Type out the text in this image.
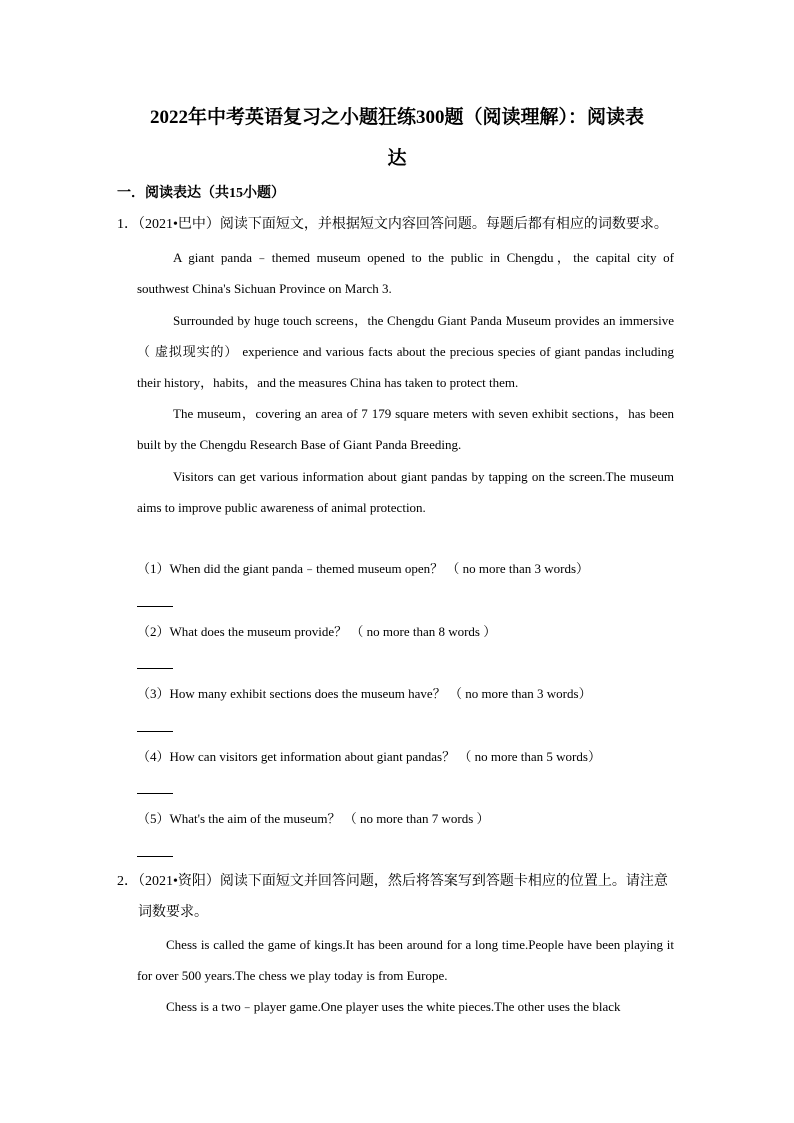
2022年中考英语复习之小题狂练300题（阅读理解）：阅读表
达
一．阅读表达（共15小题）
1．（2021•巴中）阅读下面短文，并根据短文内容回答问题。每题后都有相应的词数要求。
A giant panda﹣themed museum opened to the public in Chengdu，the capital city of southwest China's Sichuan Province on March 3.
Surrounded by huge touch screens，the Chengdu Giant Panda Museum provides an immersive（ 虚拟现实的） experience and various facts about the precious species of giant pandas including their history，habits，and the measures China has taken to protect them.
The museum，covering an area of 7 179 square meters with seven exhibit sections，has been built by the Chengdu Research Base of Giant Panda Breeding.
Visitors can get various information about giant pandas by tapping on the screen.The museum aims to improve public awareness of animal protection.
（1）When did the giant panda﹣themed museum open？ （ no more than 3 words）
（2）What does the museum provide？ （ no more than 8 words ）
（3）How many exhibit sections does the museum have？ （ no more than 3 words）
（4）How can visitors get information about giant pandas？ （ no more than 5 words）
（5）What's the aim of the museum？ （ no more than 7 words ）
2．（2021•资阳）阅读下面短文并回答问题，然后将答案写到答题卡相应的位置上。请注意
词数要求。
Chess is called the game of kings.It has been around for a long time.People have been playing it for over 500 years.The chess we play today is from Europe.
Chess is a two﹣player game.One player uses the white pieces.The other uses the black
